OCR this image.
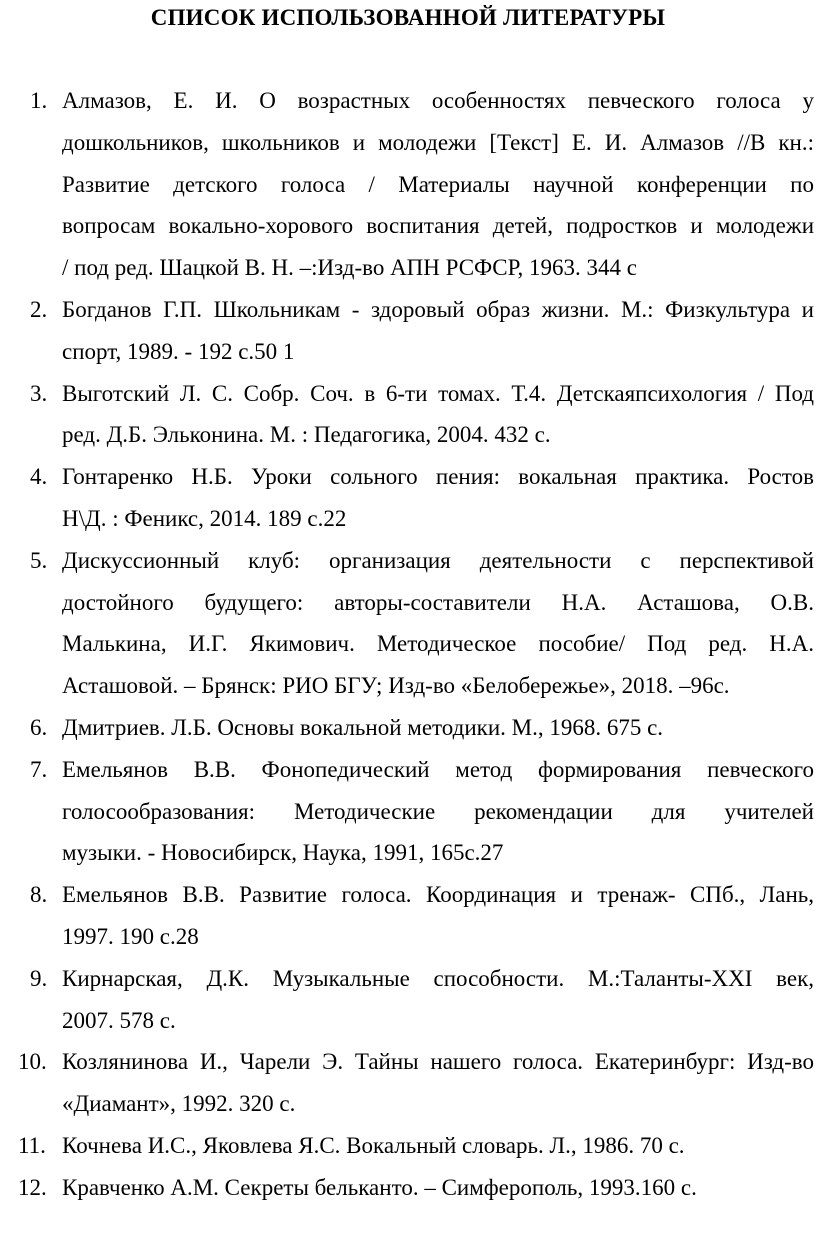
СПИСОК ИСПОЛЬЗОВАННОЙ ЛИТЕРАТУРЫ
1. Алмазов, Е. И. О возрастных особенностях певческого голоса у
дошкольников, школьников и молодежи [Текст] Е. И. Алмазов //В кн.:
Развитие детского голоса / Материалы научной конференции по
вопросам вокально-хорового воспитания детей, подростков и молодежи
/ под ред. Шацкой В. Н. –:Изд-во АПН РСФСР, 1963. 344 с
2. Богданов Г.П. Школьникам - здоровый образ жизни. М.: Физкультура и
спорт, 1989. - 192 с.50 1
3. Выготский Л. С. Собр. Соч. в 6-ти томах. Т.4. Детскаяпсихология / Под
ред. Д.Б. Эльконина. М. : Педагогика, 2004. 432 с.
4. Гонтаренко Н.Б. Уроки сольного пения: вокальная практика. Ростов
Н\Д. : Феникс, 2014. 189 с.22
5. Дискуссионный клуб: организация деятельности с перспективой
достойного будущего: авторы-составители Н.А. Асташова, О.В.
Малькина, И.Г. Якимович. Методическое пособие/ Под ред. Н.А.
Асташовой. – Брянск: РИО БГУ; Изд-во «Белобережье», 2018. –96с.
6. Дмитриев. Л.Б. Основы вокальной методики. М., 1968. 675 с.
7. Емельянов В.В. Фонопедический метод формирования певческого
голосообразования: Методические рекомендации для учителей
музыки. - Новосибирск, Наука, 1991, 165с.27
8. Емельянов В.В. Развитие голоса. Координация и тренаж- СПб., Лань,
1997. 190 с.28
9. Кирнарская, Д.К. Музыкальные способности. М.:Таланты-XXI век,
2007. 578 с.
10. Козлянинова И., Чарели Э. Тайны нашего голоса. Екатеринбург: Изд-во
«Диамант», 1992. 320 с.
11. Кочнева И.С., Яковлева Я.С. Вокальный словарь. Л., 1986. 70 с.
12. Кравченко А.М. Секреты бельканто. – Симферополь, 1993.160 с.
